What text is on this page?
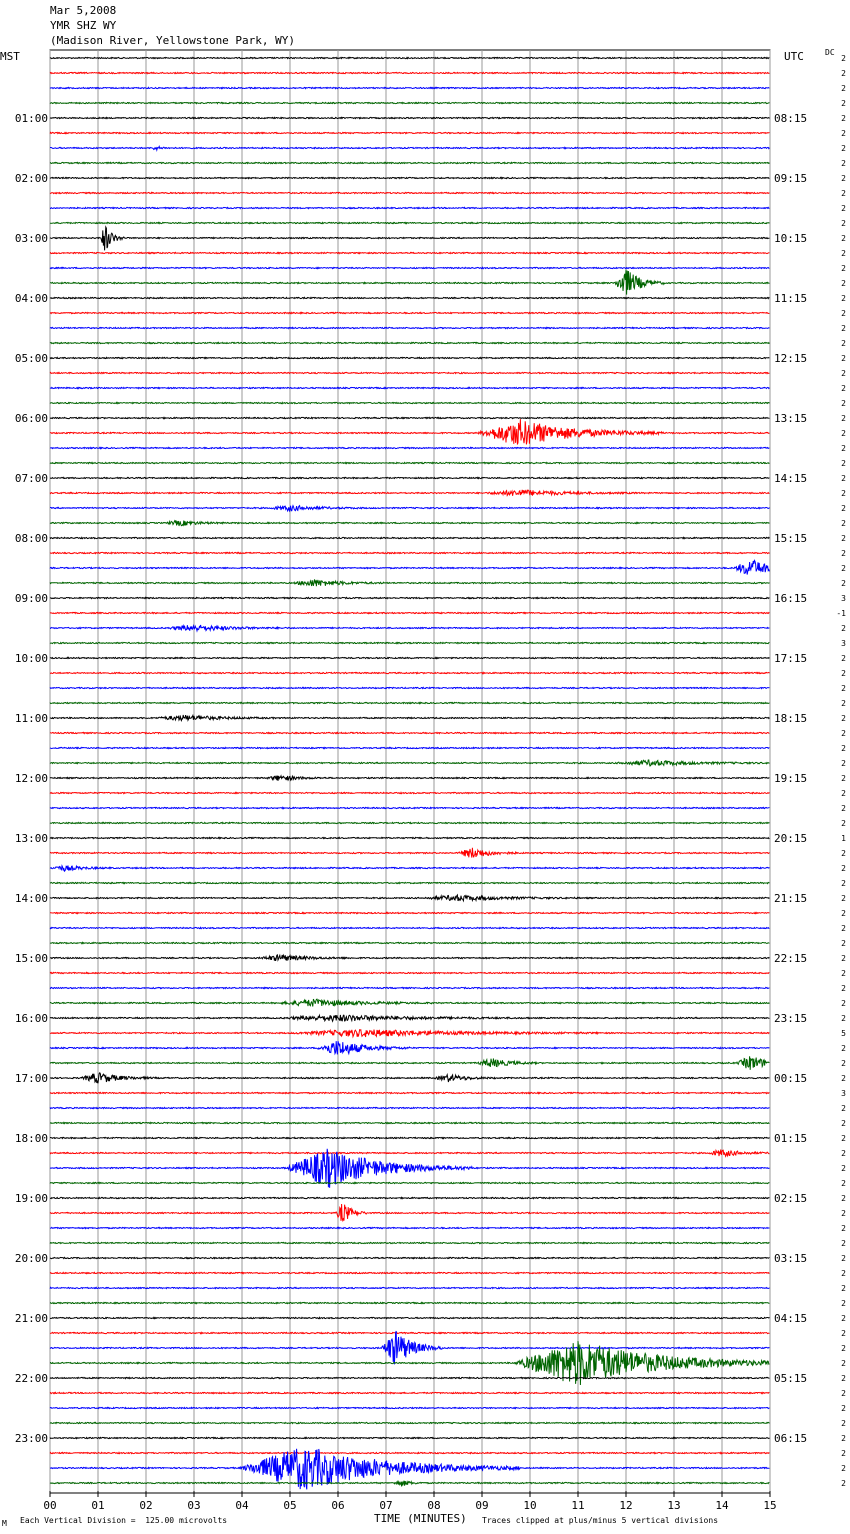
Mar 5,2008
YMR SHZ WY
(Madison River, Yellowstone Park, WY)
MST	UTC	DC
00	01	02	03	04	05	06	07	08	09	10	11	12	13	14	15
2
2
2
2
2
2
2
2
2
2
2
2
2
2
2
2
2
2
2
2
2
2
2
2
2
2
2
2
2
2
2
2
2
2
2
2
3
-1
2
3
2
2
2
2
2
2
2
2
2
2
2
2
1
2
2
2
2
2
2
2
2
2
2
2
2
5
2
2
2
3
2
2
2
2
2
2
2
2
2
2
2
2
2
2
2
2
2
2
2
2
2
2
2
2
2
2
01:00
02:00
03:00
04:00
05:00
06:00
07:00
08:00
09:00
10:00
11:00
12:00
13:00
14:00
15:00
16:00
17:00
18:00
19:00
20:00
21:00
22:00
23:00
08:15
09:15
10:15
11:15
12:15
13:15
14:15
15:15
16:15
17:15
18:15
19:15
20:15
21:15
22:15
23:15
00:15
01:15
02:15
03:15
04:15
05:15
06:15
M Each Vertical Division =  125.00 microvolts	TIME (MINUTES) Traces clipped at plus/minus 5 vertical divisions
